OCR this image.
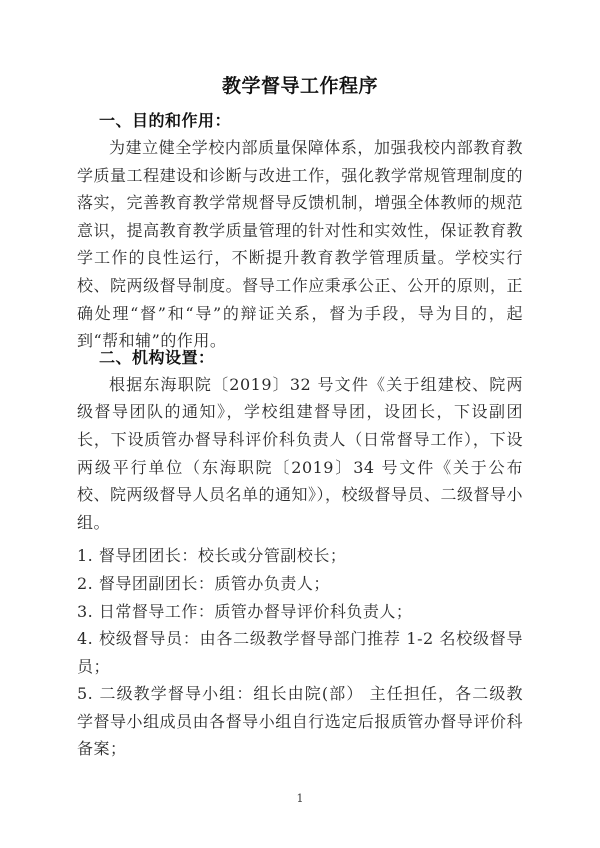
教学督导工作程序
一、目的和作用：

为建立健全学校内部质量保障体系，加强我校内部教育教学质量工程建设和诊断与改进工作，强化教学常规管理制度的落实，完善教育教学常规督导反馈机制，增强全体教师的规范意识，提高教育教学质量管理的针对性和实效性，保证教育教学工作的良性运行，不断提升教育教学管理质量。学校实行校、院两级督导制度。督导工作应秉承公正、公开的原则，正确处理“督”和“导”的辩证关系，督为手段，导为目的，起到“帮和辅”的作用。

二、机构设置：

根据东海职院〔2019〕32 号文件《关于组建校、院两级督导团队的通知》，学校组建督导团，设团长，下设副团长，下设质管办督导科评价科负责人（日常督导工作），下设两级平行单位（东海职院〔2019〕34 号文件《关于公布校、院两级督导人员名单的通知》），校级督导员、二级督导小组。

1. 督导团团长：校长或分管副校长；

2. 督导团副团长：质管办负责人；

3. 日常督导工作：质管办督导评价科负责人；

4. 校级督导员：由各二级教学督导部门推荐 1-2 名校级督导员；

5. 二级教学督导小组：组长由院(部） 主任担任，各二级教学督导小组成员由各督导小组自行选定后报质管办督导评价科备案；

1
